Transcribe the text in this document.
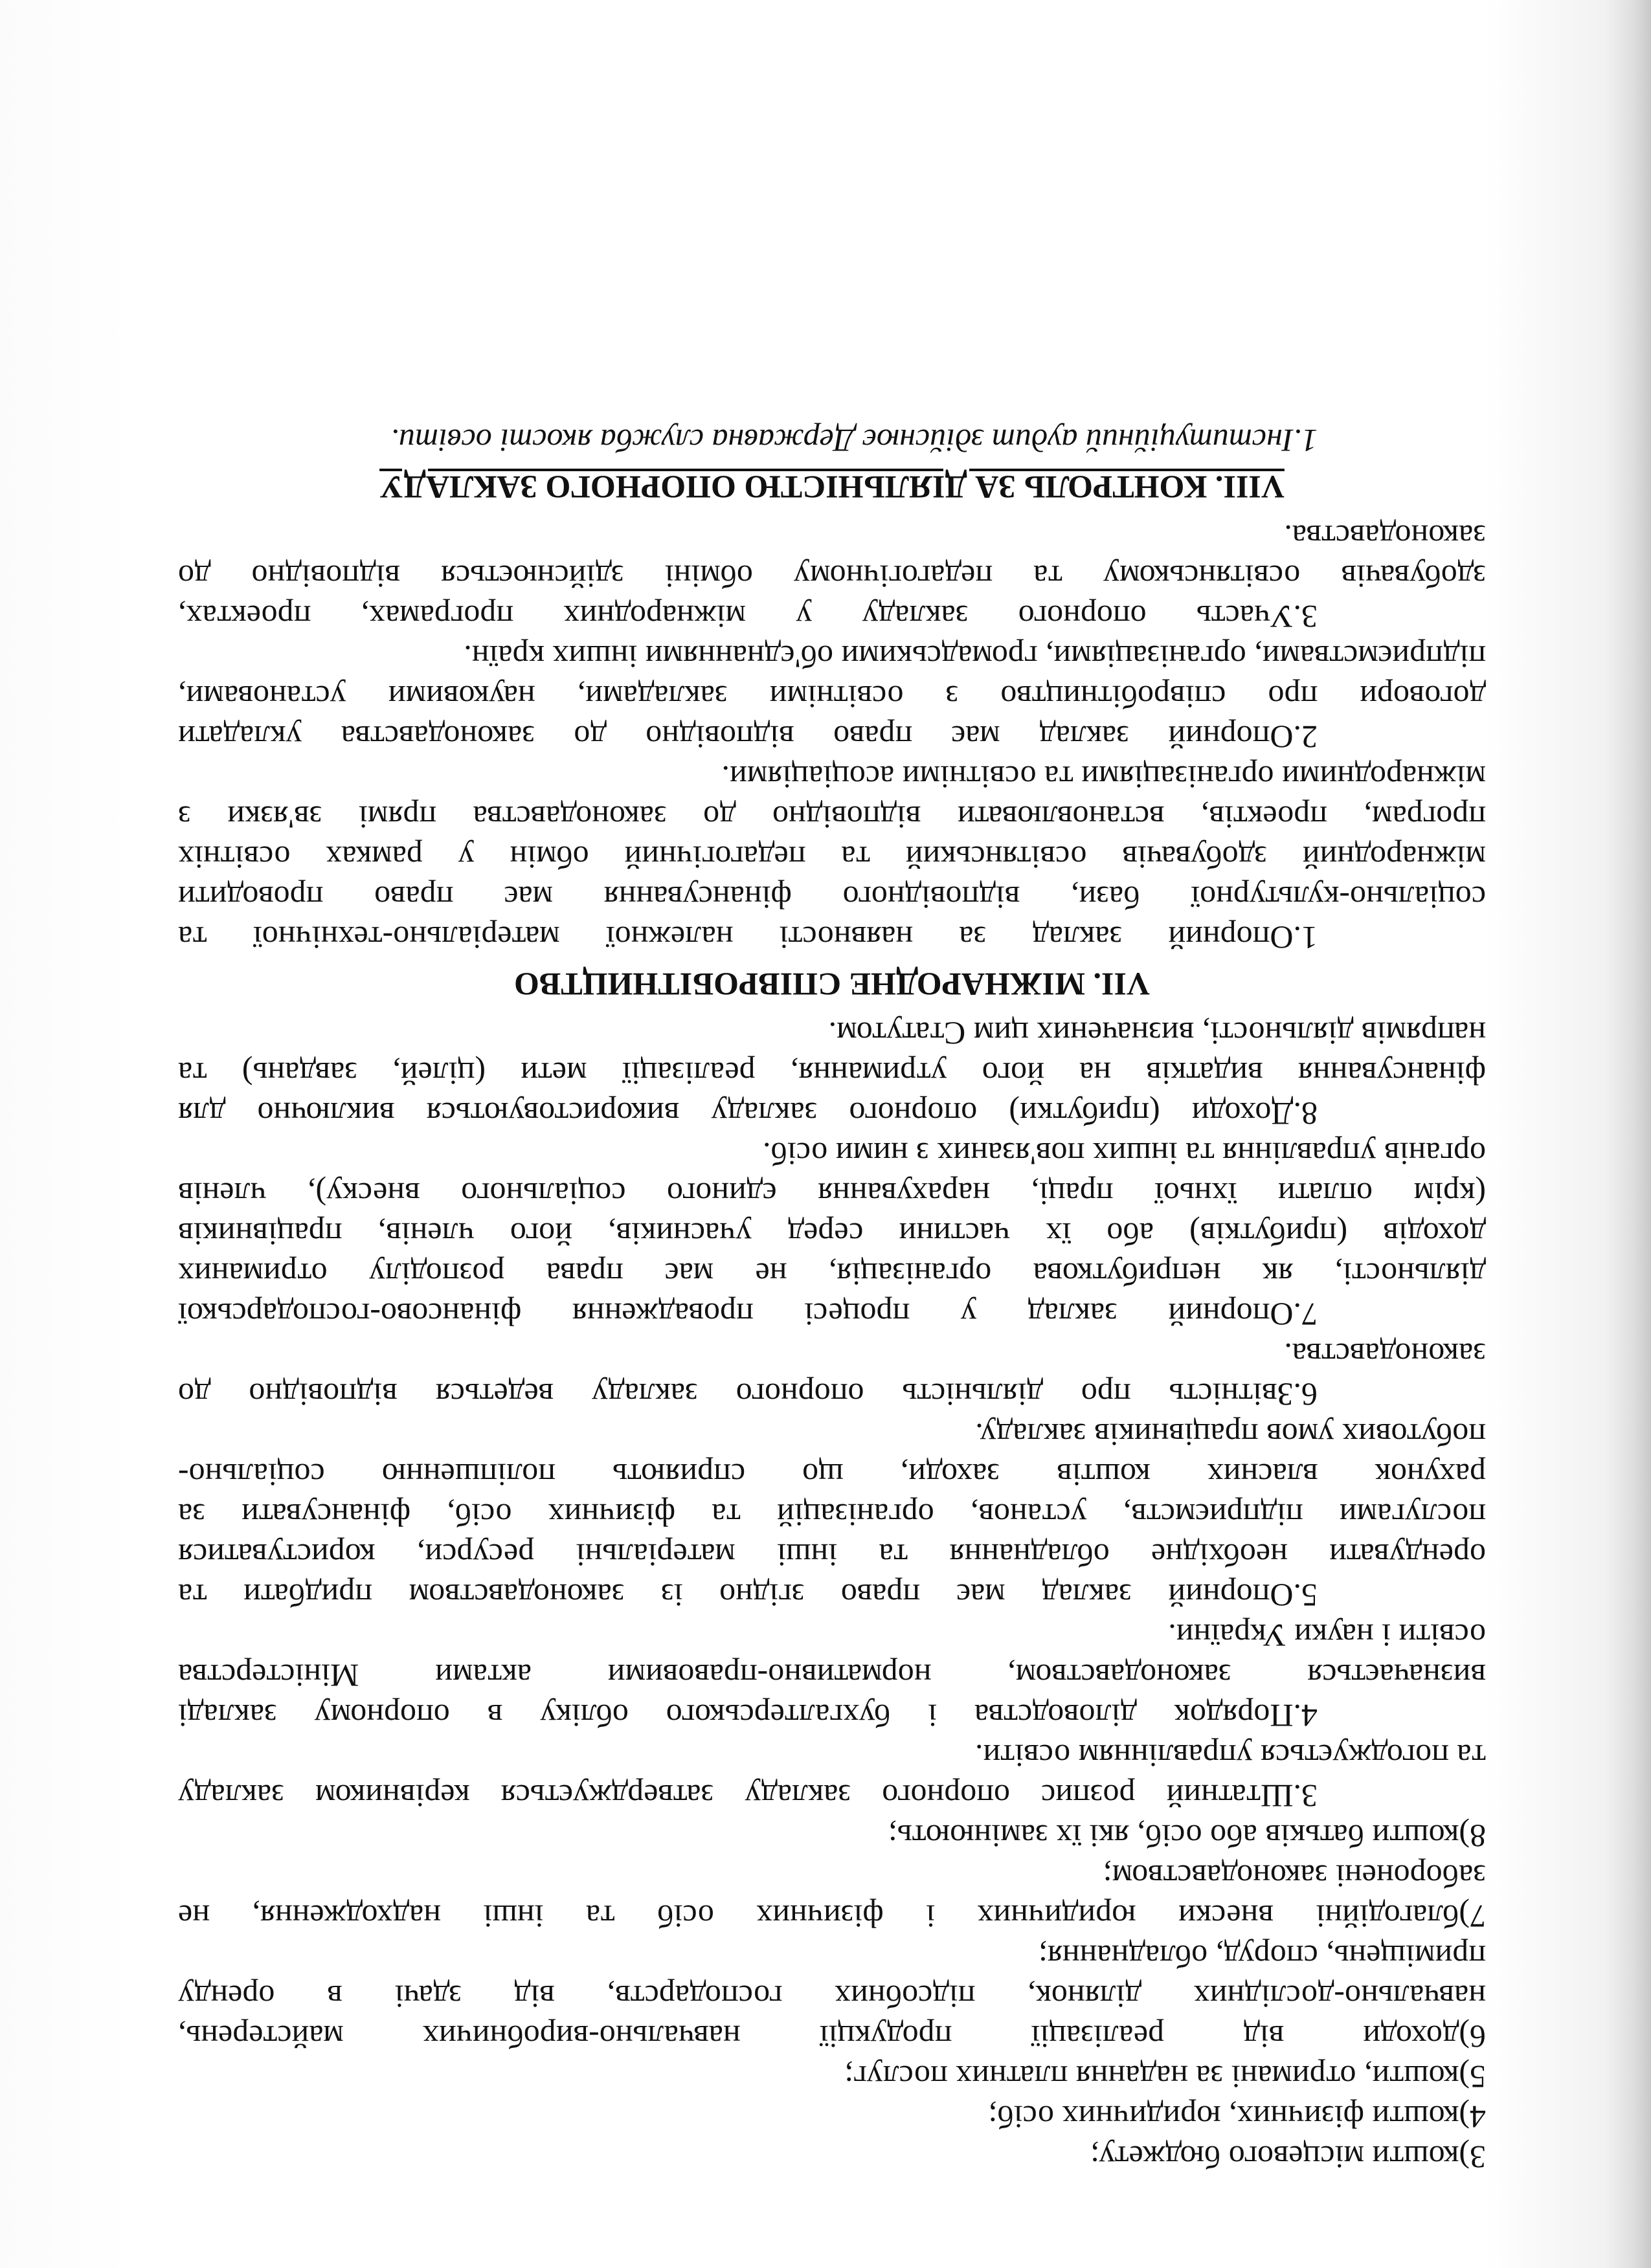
3)кошти місцевого бюджету;

4)кошти фізичних, юридичних осіб;

5)кошти, отримані за надання платних послуг;

6)доходи від реалізації продукції навчально-виробничих майстерень,

навчально-дослідних ділянок, підсобних господарств, від здачі в оренду

приміщень, споруд, обладнання;

7)благодійні внески юридичних і фізичних осіб та інші надходження, не

заборонені законодавством;

8)кошти батьків або осіб, які їх замінюють;

3.Штатний розпис опорного закладу затверджується керівником закладу

та погоджується управлінням освіти.

4.Порядок діловодства і бухгалтерського обліку в опорному закладі

визначається законодавством, нормативно-правовими актами Міністерства

освіти і науки України.

5.Опорний заклад має право згідно із законодавством придбати та

орендувати необхідне обладнання та інші матеріальні ресурси, користуватися

послугами підприємств, установ, організацій та фізичних осіб, фінансувати за

рахунок власних коштів заходи, що сприяють поліпшенню соціально-

побутових умов працівників закладу.

6.Звітність про діяльність опорного закладу ведеться відповідно до

законодавства.

7.Опорний заклад у процесі провадження фінансово-господарської

діяльності, як неприбуткова організація, не має права розподілу отриманих

доходів (прибутків) або їх частини серед учасників, його членів, працівників

(крім оплати їхньої праці, нарахування єдиного соціального внеску), членів

органів управління та інших пов'язаних з ними осіб.

8.Доходи (прибутки) опорного закладу використовуються виключно для

фінансування видатків на його утримання, реалізації мети (цілей, завдань) та

напрямів діяльності, визначених цим Статутом.

VII. МІЖНАРОДНЕ СПІВРОБІТНИЦТВО

1.Опорний заклад за наявності належної матеріально-технічної та

соціально-культурної бази, відповідного фінансування має право проводити

міжнародний здобувачів освітянський та педагогічний обмін у рамках освітніх

програм, проектів, встановлювати відповідно до законодавства прямі зв'язки з

міжнародними організаціями та освітніми асоціаціями.

2.Опорний заклад має право відповідно до законодавства укладати

договори про співробітництво з освітніми закладами, науковими установами,

підприємствами, організаціями, громадськими об'єднаннями інших країн.

3.Участь опорного закладу у міжнародних програмах, проектах,

здобувачів освітянському та педагогічному обміні здійснюється відповідно до

законодавства.

VIII. КОНТРОЛЬ ЗА ДІЯЛЬНІСТЮ ОПОРНОГО ЗАКЛАДУ

1.Інституційний аудит здійснює Державна служба якості освіти.
